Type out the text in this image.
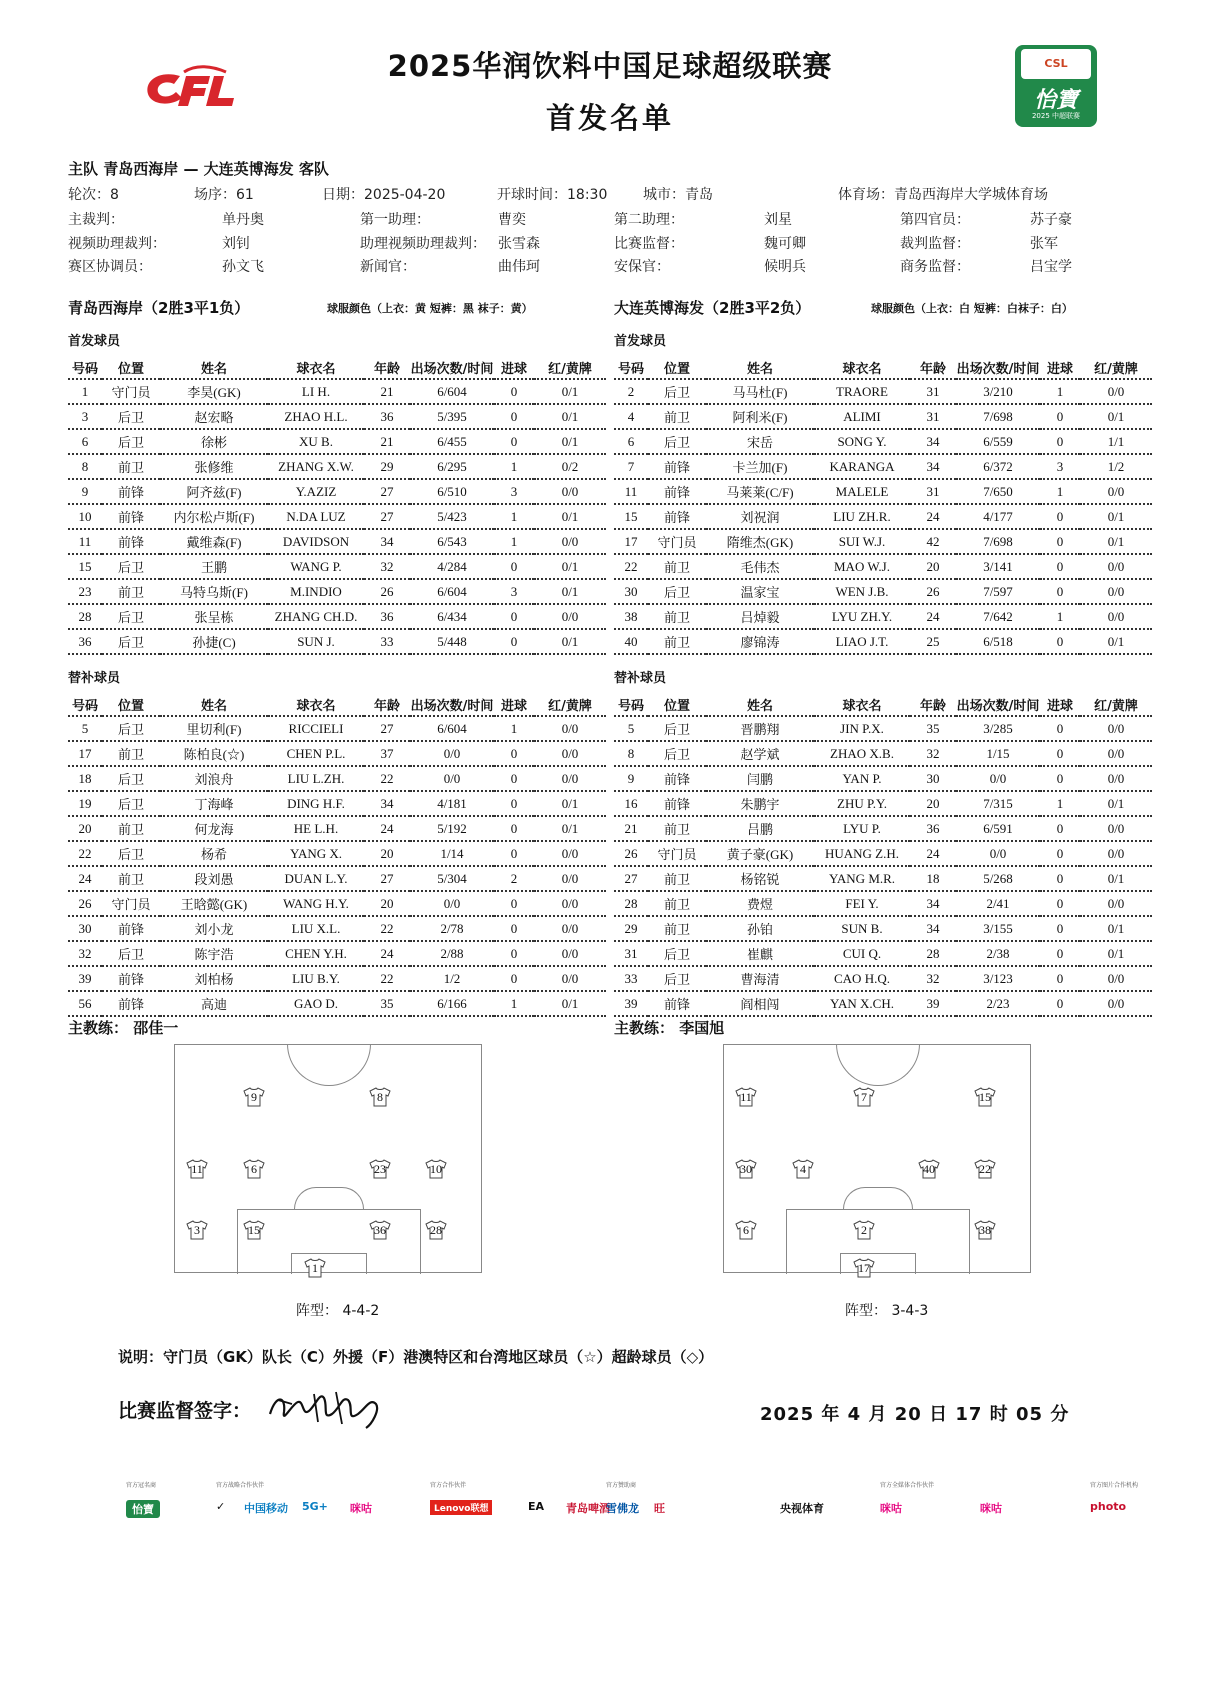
2025华润饮料中国足球超级联赛
首发名单
CSL
怡寶
2025 中超联赛
主队 青岛西海岸 — 大连英博海发 客队
轮次：8	场序：61	日期：2025-04-20	开球时间：18:30	城市：青岛	体育场：青岛西海岸大学城体育场
主裁判：	单丹奥	第一助理：	曹奕	第二助理：	刘星	第四官员：	苏子豪
视频助理裁判：	刘钊	助理视频助理裁判： 张雪森	比赛监督：	魏可卿	裁判监督：	张军
赛区协调员：	孙文飞	新闻官：	曲伟珂	安保官：	候明兵	商务监督：	吕宝学
青岛西海岸（2胜3平1负）	球服颜色（上衣：黄 短裤：黑 袜子：黄）	大连英博海发（2胜3平2负）	球服颜色（上衣：白 短裤：白袜子：白）
首发球员	首发球员
替补球员	替补球员
号码	位置	姓名	球衣名	年龄	出场次数/时间	进球	红/黄牌
1	守门员	李昊(GK)	LI H.	21	6/604	0	0/1
3	后卫	赵宏略	ZHAO H.L.	36	5/395	0	0/1
6	后卫	徐彬	XU B.	21	6/455	0	0/1
8	前卫	张修维	ZHANG X.W.	29	6/295	1	0/2
9	前锋	阿齐兹(F)	Y.AZIZ	27	6/510	3	0/0
10	前锋	内尔松卢斯(F)	N.DA LUZ	27	5/423	1	0/1
11	前锋	戴维森(F)	DAVIDSON	34	6/543	1	0/0
15	后卫	王鹏	WANG P.	32	4/284	0	0/1
23	前卫	马特乌斯(F)	M.INDIO	26	6/604	3	0/1
28	后卫	张呈栋	ZHANG CH.D.	36	6/434	0	0/0
36	后卫	孙捷(C)	SUN J.	33	5/448	0	0/1
号码	位置	姓名	球衣名	年龄	出场次数/时间	进球	红/黄牌
2	后卫	马马杜(F)	TRAORE	31	3/210	1	0/0
4	前卫	阿利米(F)	ALIMI	31	7/698	0	0/1
6	后卫	宋岳	SONG Y.	34	6/559	0	1/1
7	前锋	卡兰加(F)	KARANGA	34	6/372	3	1/2
11	前锋	马莱莱(C/F)	MALELE	31	7/650	1	0/0
15	前锋	刘祝润	LIU ZH.R.	24	4/177	0	0/1
17	守门员	隋维杰(GK)	SUI W.J.	42	7/698	0	0/1
22	前卫	毛伟杰	MAO W.J.	20	3/141	0	0/0
30	后卫	温家宝	WEN J.B.	26	7/597	0	0/0
38	前卫	吕焯毅	LYU ZH.Y.	24	7/642	1	0/0
40	前卫	廖锦涛	LIAO J.T.	25	6/518	0	0/1
号码	位置	姓名	球衣名	年龄	出场次数/时间	进球	红/黄牌
5	后卫	里切利(F)	RICCIELI	27	6/604	1	0/0
17	前卫	陈柏良(☆)	CHEN P.L.	37	0/0	0	0/0
18	后卫	刘浪舟	LIU L.ZH.	22	0/0	0	0/0
19	后卫	丁海峰	DING H.F.	34	4/181	0	0/1
20	前卫	何龙海	HE L.H.	24	5/192	0	0/1
22	后卫	杨希	YANG X.	20	1/14	0	0/0
24	前卫	段刘愚	DUAN L.Y.	27	5/304	2	0/0
26	守门员	王晗懿(GK)	WANG H.Y.	20	0/0	0	0/0
30	前锋	刘小龙	LIU X.L.	22	2/78	0	0/0
32	后卫	陈宇浩	CHEN Y.H.	24	2/88	0	0/0
39	前锋	刘柏杨	LIU B.Y.	22	1/2	0	0/0
56	前锋	高迪	GAO D.	35	6/166	1	0/1
号码	位置	姓名	球衣名	年龄	出场次数/时间	进球	红/黄牌
5	后卫	晋鹏翔	JIN P.X.	35	3/285	0	0/0
8	后卫	赵学斌	ZHAO X.B.	32	1/15	0	0/0
9	前锋	闫鹏	YAN P.	30	0/0	0	0/0
16	前锋	朱鹏宇	ZHU P.Y.	20	7/315	1	0/1
21	前卫	吕鹏	LYU P.	36	6/591	0	0/0
26	守门员	黄子豪(GK)	HUANG Z.H.	24	0/0	0	0/0
27	前卫	杨铭锐	YANG M.R.	18	5/268	0	0/1
28	前卫	费煜	FEI Y.	34	2/41	0	0/0
29	前卫	孙铂	SUN B.	34	3/155	0	0/1
31	后卫	崔麒	CUI Q.	28	2/38	0	0/1
33	后卫	曹海清	CAO H.Q.	32	3/123	0	0/0
39	前锋	阎相闯	YAN X.CH.	39	2/23	0	0/0
主教练： 邵佳一	主教练： 李国旭
9	8
11	6	23	10
3	15	36	28
1
11	7	15
30	4	40	22
6	2	38
17
阵型： 4-4-2	阵型： 3-4-3
说明：守门员（GK）队长（C）外援（F）港澳特区和台湾地区球员（☆）超龄球员（◇）
比赛监督签字：	2025 年 4 月 20 日 17 时 05 分
官方冠名商
怡寶
官方战略合作伙伴
✓ 中国移动 5G+ 咪咕
官方合作伙伴
Lenovo联想	EA 青岛啤酒
官方赞助商
雪佛龙 旺	央视体育
官方全媒体合作伙伴
咪咕	咪咕
官方图片合作机构
photo
